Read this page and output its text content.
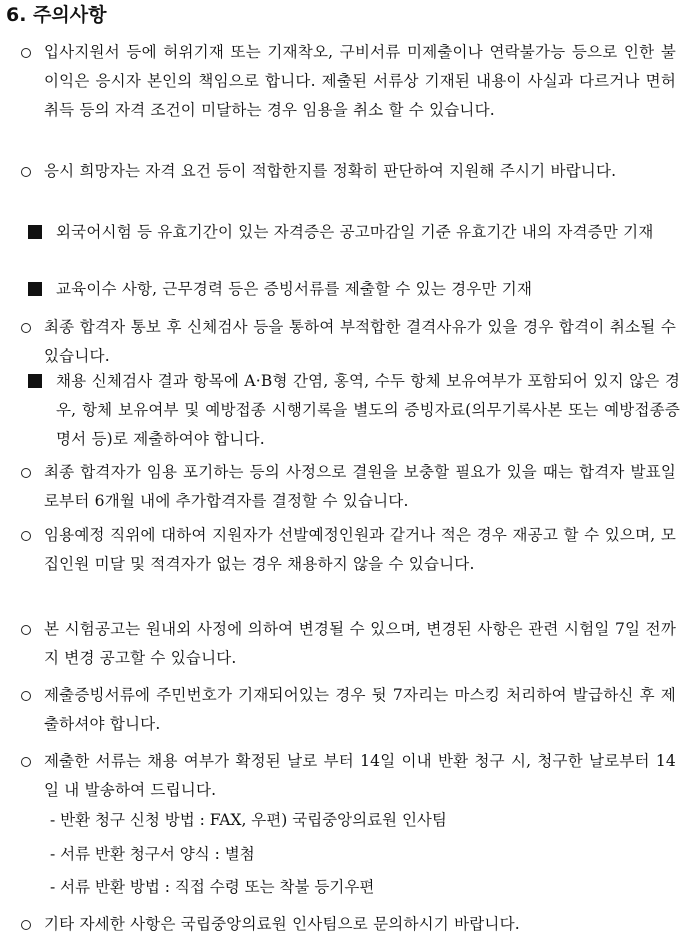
6. 주의사항

입사지원서 등에 허위기재 또는 기재착오, 구비서류 미제출이나 연락불가능 등으로 인한 불이익은 응시자 본인의 책임으로 합니다. 제출된 서류상 기재된 내용이 사실과 다르거나 면허 취득 등의 자격 조건이 미달하는 경우 임용을 취소 할 수 있습니다.

응시 희망자는 자격 요건 등이 적합한지를 정확히 판단하여 지원해 주시기 바랍니다.

외국어시험 등 유효기간이 있는 자격증은 공고마감일 기준 유효기간 내의 자격증만 기재

교육이수 사항, 근무경력 등은 증빙서류를 제출할 수 있는 경우만 기재

최종 합격자 통보 후 신체검사 등을 통하여 부적합한 결격사유가 있을 경우 합격이 취소될 수 있습니다.

채용 신체검사 결과 항목에 A·B형 간염, 홍역, 수두 항체 보유여부가 포함되어 있지 않은 경우, 항체 보유여부 및 예방접종 시행기록을 별도의 증빙자료(의무기록사본 또는 예방접종증명서 등)로 제출하여야 합니다.

최종 합격자가 임용 포기하는 등의 사정으로 결원을 보충할 필요가 있을 때는 합격자 발표일로부터 6개월 내에 추가합격자를 결정할 수 있습니다.

임용예정 직위에 대하여 지원자가 선발예정인원과 같거나 적은 경우 재공고 할 수 있으며, 모집인원 미달 및 적격자가 없는 경우 채용하지 않을 수 있습니다.

본 시험공고는 원내외 사정에 의하여 변경될 수 있으며, 변경된 사항은 관련 시험일 7일 전까지 변경 공고할 수 있습니다.

제출증빙서류에 주민번호가 기재되어있는 경우 뒷 7자리는 마스킹 처리하여 발급하신 후 제출하셔야 합니다.

제출한 서류는 채용 여부가 확정된 날로 부터 14일 이내 반환 청구 시, 청구한 날로부터 14일 내 발송하여 드립니다.

- 반환 청구 신청 방법 : FAX, 우편) 국립중앙의료원 인사팀

- 서류 반환 청구서 양식 : 별첨

- 서류 반환 방법 : 직접 수령 또는 착불 등기우편

기타 자세한 사항은 국립중앙의료원 인사팀으로 문의하시기 바랍니다.
